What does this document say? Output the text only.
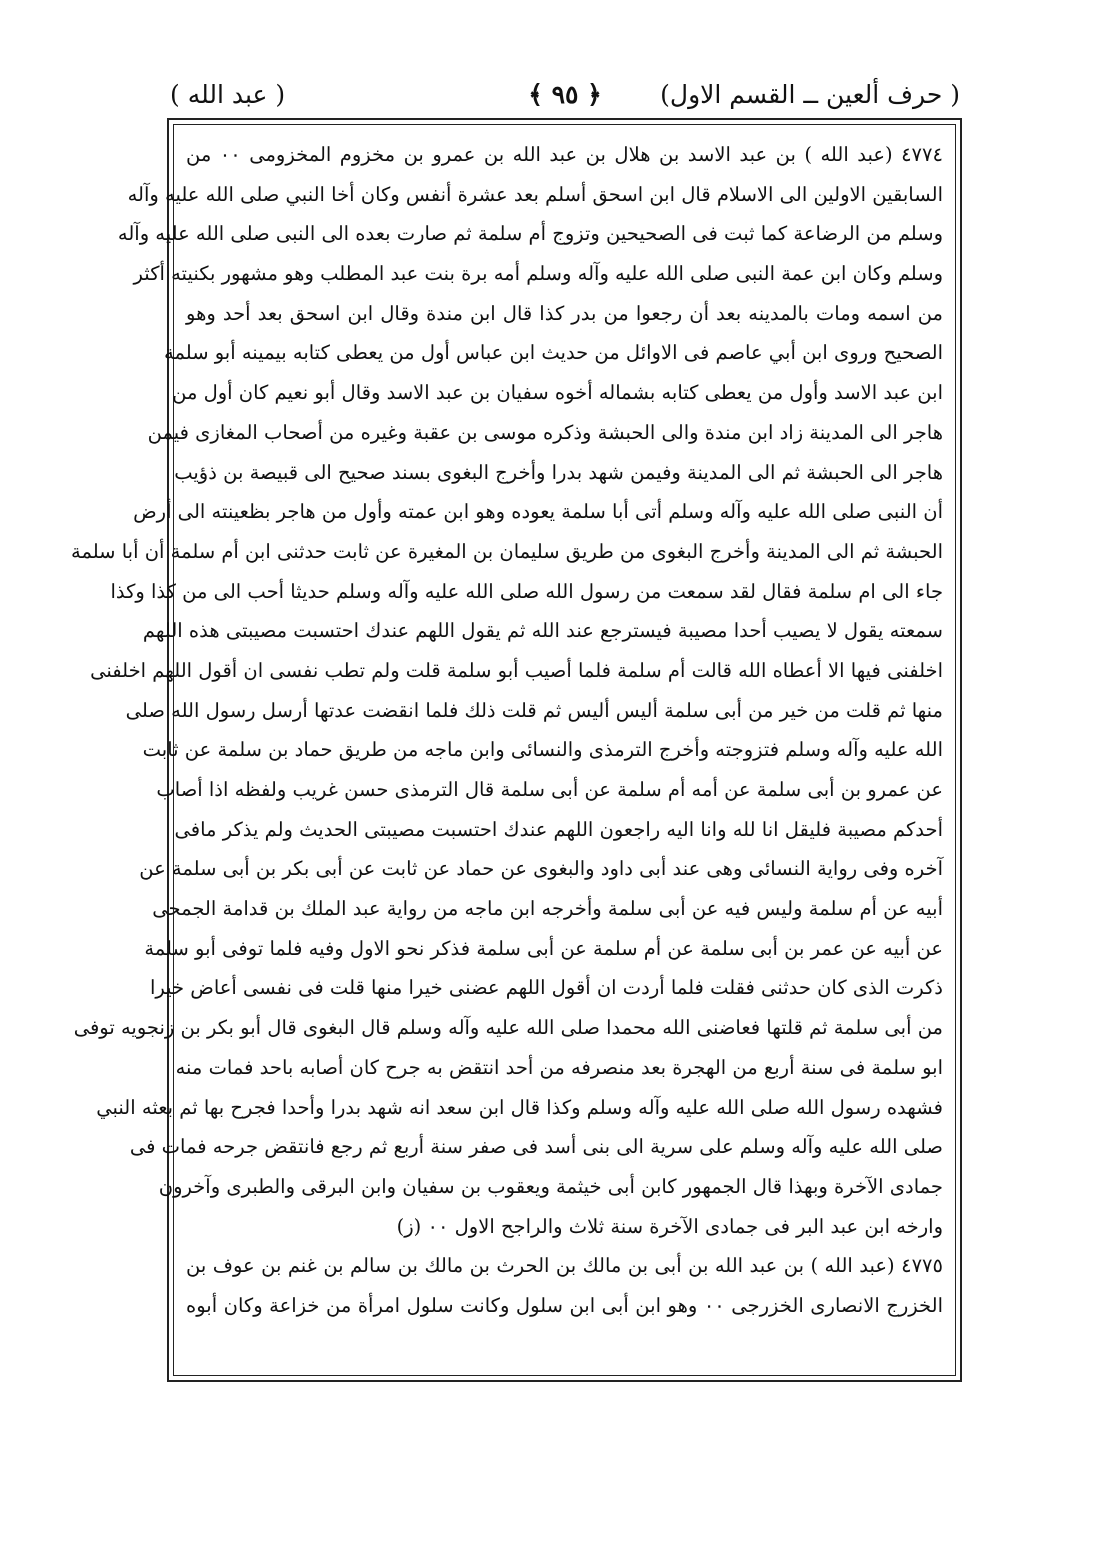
( حرف ألعين ــ القسم الاول)
﴿ ٩٥ ﴾
( عبد الله )
٤٧٧٤ (عبد الله ) بن عبد الاسد بن هلال بن عبد الله بن عمرو بن مخزوم المخزومى ٠٠ من
السابقين الاولين الى الاسلام قال ابن اسحق أسلم بعد عشرة أنفس وكان أخا النبي صلى الله عليه وآله
وسلم من الرضاعة كما ثبت فى الصحيحين وتزوج أم سلمة ثم صارت بعده الى النبى صلى الله عليه وآله
وسلم وكان ابن عمة النبى صلى الله عليه وآله وسلم أمه برة بنت عبد المطلب وهو مشهور بكنيته أكثر
من اسمه ومات بالمدينه بعد أن رجعوا من بدر كذا قال ابن مندة وقال ابن اسحق بعد أحد وهو
الصحيح وروى ابن أبي عاصم فى الاوائل من حديث ابن عباس أول من يعطى كتابه بيمينه أبو سلمة
ابن عبد الاسد وأول من يعطى كتابه بشماله أخوه سفيان بن عبد الاسد وقال أبو نعيم كان أول من
هاجر الى المدينة زاد ابن مندة والى الحبشة وذكره موسى بن عقبة وغيره من أصحاب المغازى فيمن
هاجر الى الحبشة ثم الى المدينة وفيمن شهد بدرا وأخرج البغوى بسند صحيح الى قبيصة بن ذؤيب
أن النبى صلى الله عليه وآله وسلم أتى أبا سلمة يعوده وهو ابن عمته وأول من هاجر بظعينته الى أرض
الحبشة ثم الى المدينة وأخرج البغوى من طريق سليمان بن المغيرة عن ثابت حدثنى ابن أم سلمة أن أبا سلمة
جاء الى ام سلمة فقال لقد سمعت من رسول الله صلى الله عليه وآله وسلم حديثا أحب الى من كذا وكذا
سمعته يقول لا يصيب أحدا مصيبة فيسترجع عند الله ثم يقول اللهم عندك احتسبت مصيبتى هذه اللهم
اخلفنى فيها الا أعطاه الله قالت أم سلمة فلما أصيب أبو سلمة قلت ولم تطب نفسى ان أقول اللهم اخلفنى
منها ثم قلت من خير من أبى سلمة أليس أليس ثم قلت ذلك فلما انقضت عدتها أرسل رسول الله صلى
الله عليه وآله وسلم فتزوجته وأخرج الترمذى والنسائى وابن ماجه من طريق حماد بن سلمة عن ثابت
عن عمرو بن أبى سلمة عن أمه أم سلمة عن أبى سلمة قال الترمذى حسن غريب ولفظه اذا أصاب
أحدكم مصيبة فليقل انا لله وانا اليه راجعون اللهم عندك احتسبت مصيبتى الحديث ولم يذكر مافى
آخره وفى رواية النسائى وهى عند أبى داود والبغوى عن حماد عن ثابت عن أبى بكر بن أبى سلمة عن
أبيه عن أم سلمة وليس فيه عن أبى سلمة وأخرجه ابن ماجه من رواية عبد الملك بن قدامة الجمحى
عن أبيه عن عمر بن أبى سلمة عن أم سلمة عن أبى سلمة فذكر نحو الاول وفيه فلما توفى أبو سلمة
ذكرت الذى كان حدثنى فقلت فلما أردت ان أقول اللهم عضنى خيرا منها قلت فى نفسى أعاض خيرا
من أبى سلمة ثم قلتها فعاضنى الله محمدا صلى الله عليه وآله وسلم قال البغوى قال أبو بكر بن زنجويه توفى
ابو سلمة فى سنة أربع من الهجرة بعد منصرفه من أحد انتقض به جرح كان أصابه باحد فمات منه
فشهده رسول الله صلى الله عليه وآله وسلم وكذا قال ابن سعد انه شهد بدرا وأحدا فجرح بها ثم بعثه النبي
صلى الله عليه وآله وسلم على سرية الى بنى أسد فى صفر سنة أربع ثم رجع فانتقض جرحه فمات فى
جمادى الآخرة وبهذا قال الجمهور كابن أبى خيثمة ويعقوب بن سفيان وابن البرقى والطبرى وآخرون
وارخه ابن عبد البر فى جمادى الآخرة سنة ثلاث والراجح الاول ٠٠ (ز)
٤٧٧٥ (عبد الله ) بن عبد الله بن أبى بن مالك بن الحرث بن مالك بن سالم بن غنم بن عوف بن
الخزرج الانصارى الخزرجى ٠٠ وهو ابن أبى ابن سلول وكانت سلول امرأة من خزاعة وكان أبوه
